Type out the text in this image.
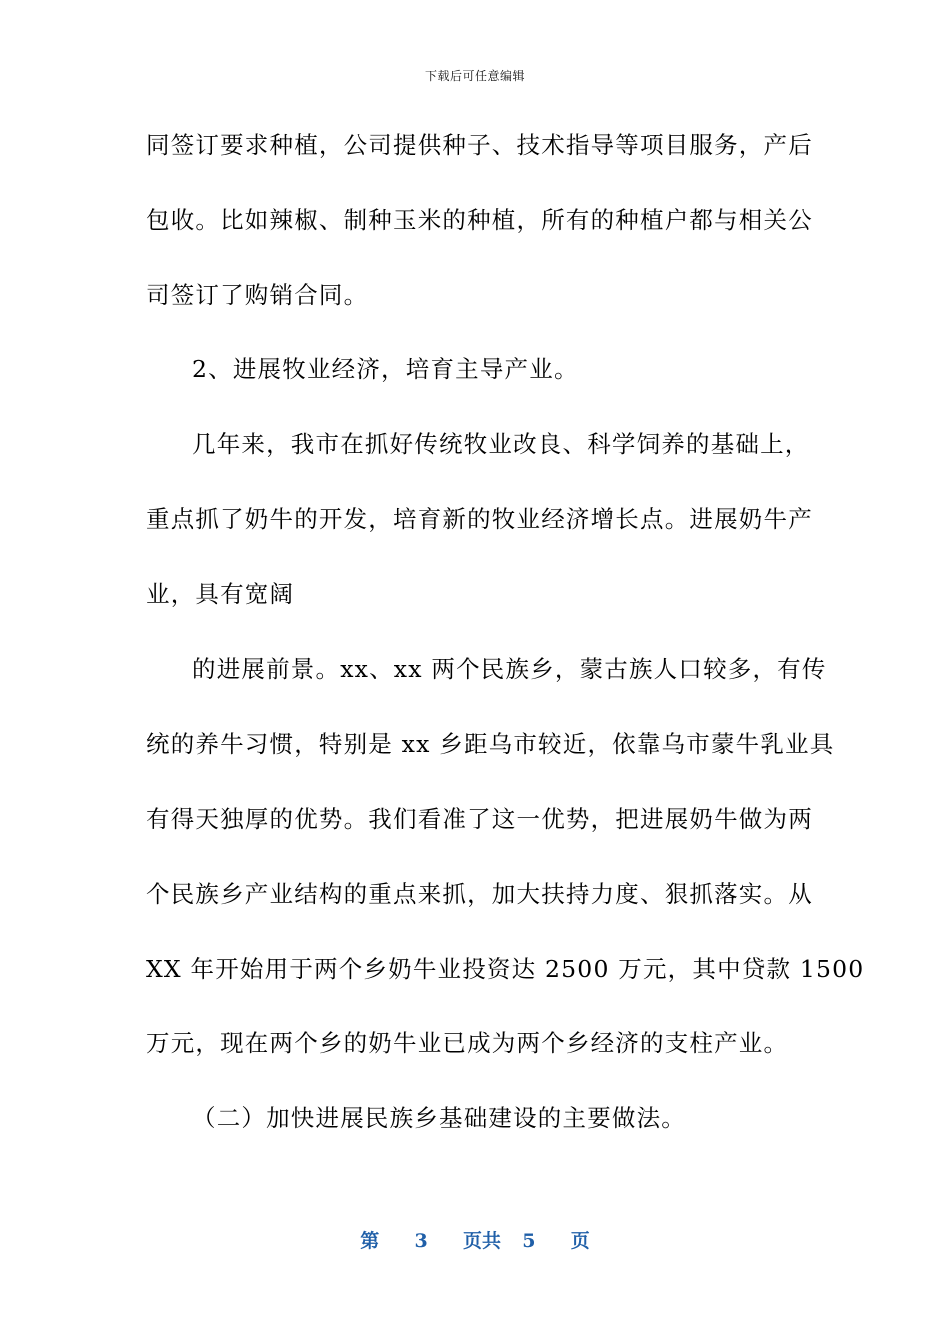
下载后可任意编辑
同签订要求种植，公司提供种子、技术指导等项目服务，产后
包收。比如辣椒、制种玉米的种植，所有的种植户都与相关公
司签订了购销合同。
2、进展牧业经济，培育主导产业。
几年来，我市在抓好传统牧业改良、科学饲养的基础上，
重点抓了奶牛的开发，培育新的牧业经济增长点。进展奶牛产
业，具有宽阔
的进展前景。xx、xx 两个民族乡，蒙古族人口较多，有传
统的养牛习惯，特别是 xx 乡距乌市较近，依靠乌市蒙牛乳业具
有得天独厚的优势。我们看准了这一优势，把进展奶牛做为两
个民族乡产业结构的重点来抓，加大扶持力度、狠抓落实。从
XX 年开始用于两个乡奶牛业投资达 2500 万元，其中贷款 1500
万元，现在两个乡的奶牛业已成为两个乡经济的支柱产业。
（二）加快进展民族乡基础建设的主要做法。
第 3 页共 5 页
